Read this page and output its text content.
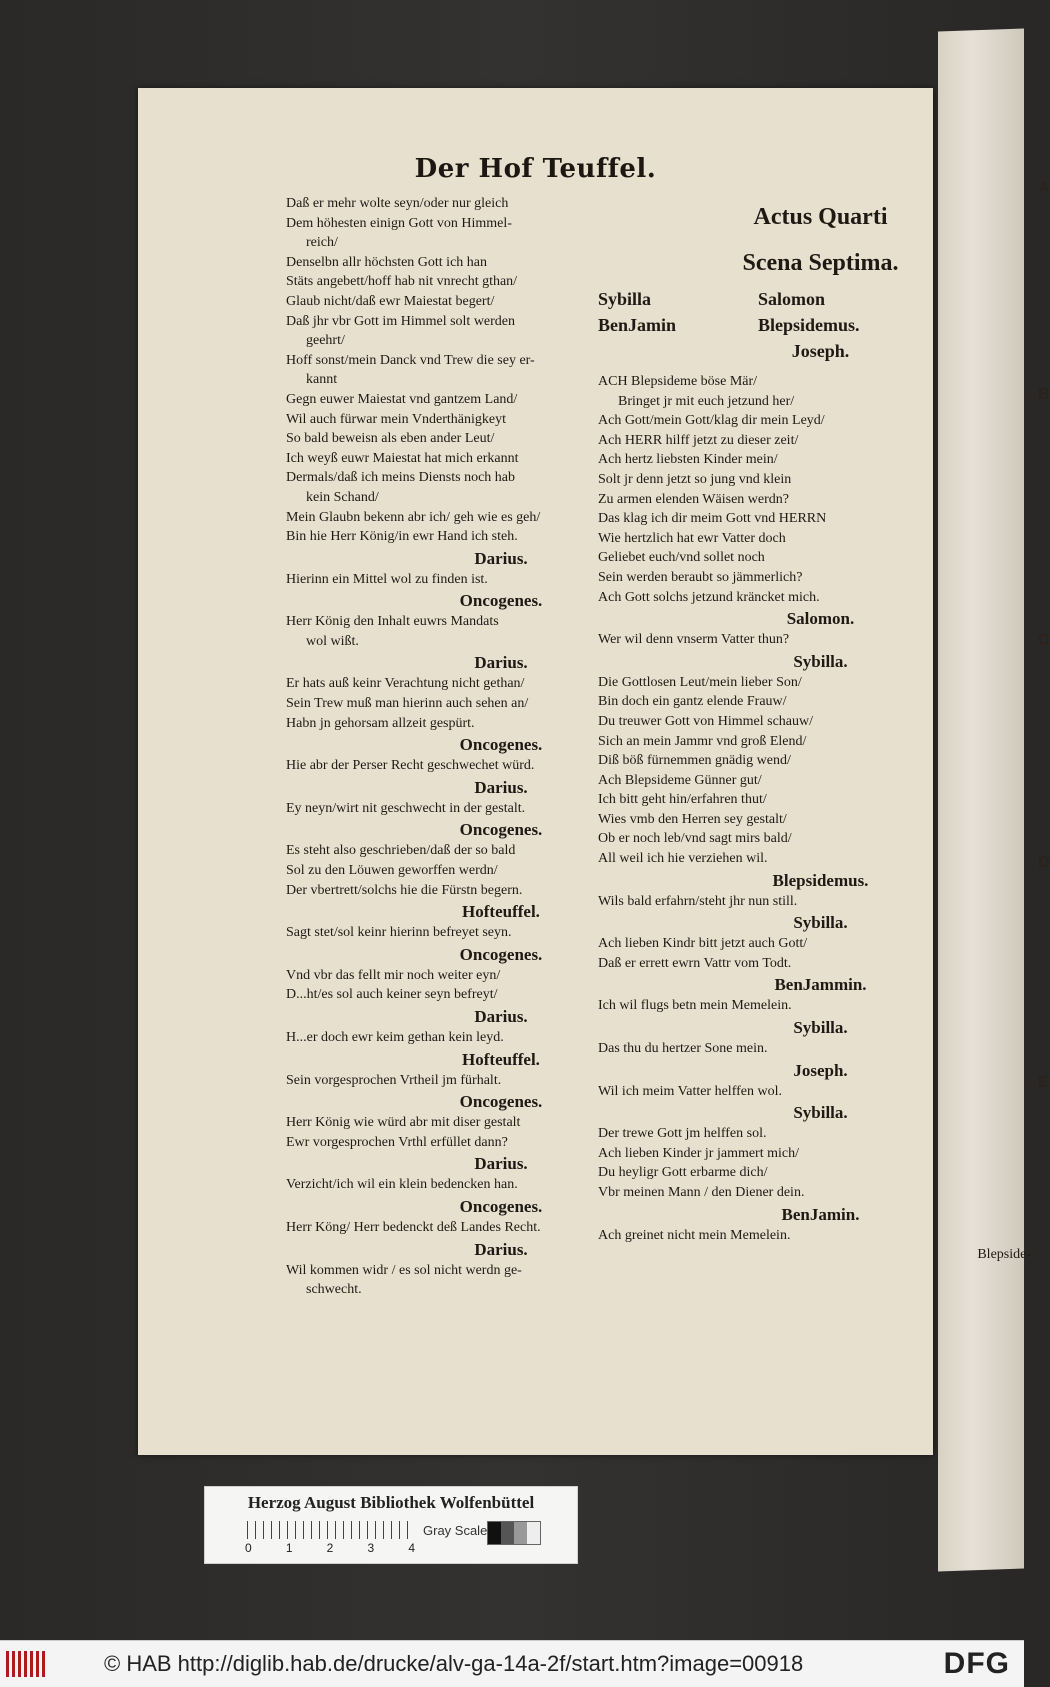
Der Hof Teuffel.
Daß er mehr wolte seyn/oder nur gleich
Dem höhesten einign Gott von Himmel-
reich/
Denselbn allr höchsten Gott ich han
Stäts angebett/hoff hab nit vnrecht gthan/
Glaub nicht/daß ewr Maiestat begert/
Daß jhr vbr Gott im Himmel solt werden
geehrt/
Hoff sonst/mein Danck vnd Trew die sey er-
kannt
Gegn euwer Maiestat vnd gantzem Land/
Wil auch fürwar mein Vnderthänigkeyt
So bald beweisn als eben ander Leut/
Ich weyß euwr Maiestat hat mich erkannt
Dermals/daß ich meins Diensts noch hab
kein Schand/
Mein Glaubn bekenn abr ich/ geh wie es geh/
Bin hie Herr König/in ewr Hand ich steh.
Darius.
Hierinn ein Mittel wol zu finden ist.
Oncogenes.
Herr König den Inhalt euwrs Mandats
wol wißt.
Darius.
Er hats auß keinr Verachtung nicht gethan/
Sein Trew muß man hierinn auch sehen an/
Habn jn gehorsam allzeit gespürt.
Oncogenes.
Hie abr der Perser Recht geschwechet würd.
Darius.
Ey neyn/wirt nit geschwecht in der gestalt.
Oncogenes.
Es steht also geschrieben/daß der so bald
Sol zu den Löuwen geworffen werdn/
Der vbertrett/solchs hie die Fürstn begern.
Hofteuffel.
Sagt stet/sol keinr hierinn befreyet seyn.
Oncogenes.
Vnd vbr das fellt mir noch weiter eyn/
D...ht/es sol auch keiner seyn befreyt/
Darius.
H...er doch ewr keim gethan kein leyd.
Hofteuffel.
Sein vorgesprochen Vrtheil jm fürhalt.
Oncogenes.
Herr König wie würd abr mit diser gestalt
Ewr vorgesprochen Vrthl erfüllet dann?
Darius.
Verzicht/ich wil ein klein bedencken han.
Oncogenes.
Herr Köng/ Herr bedenckt deß Landes Recht.
Darius.
Wil kommen widr / es sol nicht werdn ge-
schwecht.
Actus Quarti
Scena Septima.
Sybilla	Salomon
BenJamin	Blepsidemus.
Joseph.
ACH Blepsideme böse Mär/
Bringet jr mit euch jetzund her/
Ach Gott/mein Gott/klag dir mein Leyd/
Ach HERR hilff jetzt zu dieser zeit/
Ach hertz liebsten Kinder mein/
Solt jr denn jetzt so jung vnd klein
Zu armen elenden Wäisen werdn?
Das klag ich dir meim Gott vnd HERRN
Wie hertzlich hat ewr Vatter doch
Geliebet euch/vnd sollet noch
Sein werden beraubt so jämmerlich?
Ach Gott solchs jetzund kräncket mich.
Salomon.
Wer wil denn vnserm Vatter thun?
Sybilla.
Die Gottlosen Leut/mein lieber Son/
Bin doch ein gantz elende Frauw/
Du treuwer Gott von Himmel schauw/
Sich an mein Jammr vnd groß Elend/
Diß böß fürnemmen gnädig wend/
Ach Blepsideme Günner gut/
Ich bitt geht hin/erfahren thut/
Wies vmb den Herren sey gestalt/
Ob er noch leb/vnd sagt mirs bald/
All weil ich hie verziehen wil.
Blepsidemus.
Wils bald erfahrn/steht jhr nun still.
Sybilla.
Ach lieben Kindr bitt jetzt auch Gott/
Daß er errett ewrn Vattr vom Todt.
BenJammin.
Ich wil flugs betn mein Memelein.
Sybilla.
Das thu du hertzer Sone mein.
Joseph.
Wil ich meim Vatter helffen wol.
Sybilla.
Der trewe Gott jm helffen sol.
Ach lieben Kinder jr jammert mich/
Du heyligr Gott erbarme dich/
Vbr meinen Mann / den Diener dein.
BenJamin.
Ach greinet nicht mein Memelein.
Blepside-
A
B
C
D
E
Herzog August Bibliothek Wolfenbüttel
0	1	2	3	4
Gray Scale
© HAB http://diglib.hab.de/drucke/alv-ga-14a-2f/start.htm?image=00918	DFG
